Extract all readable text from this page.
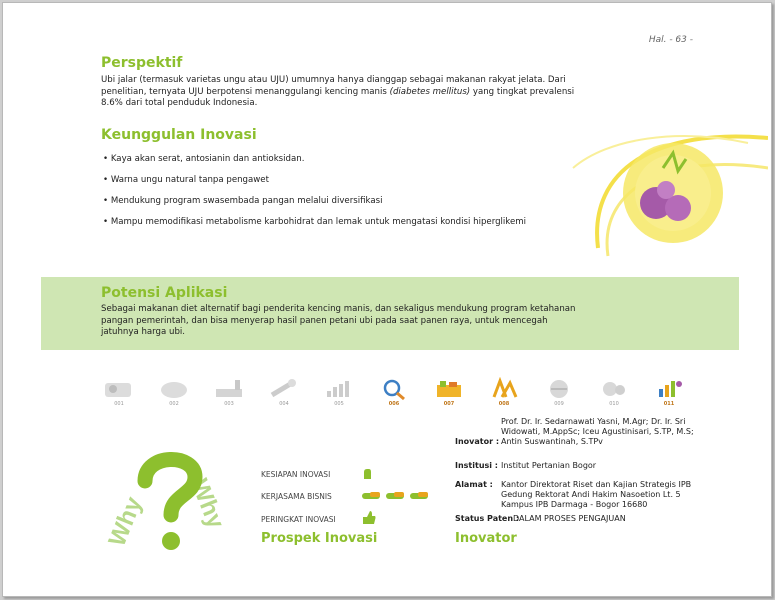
Hal. - 63 -
Perspektif

Ubi jalar (termasuk varietas ungu atau UJU) umumnya hanya dianggap sebagai makanan rakyat jelata. Dari penelitian, ternyata UJU berpotensi menanggulangi kencing manis (diabetes mellitus) yang tingkat prevalensi 8.6% dari total penduduk Indonesia.

Keunggulan Inovasi
• Kaya akan serat, antosianin dan antioksidan.
• Warna ungu natural tanpa pengawet
• Mendukung program swasembada pangan melalui diversifikasi
• Mampu memodifikasi metabolisme karbohidrat dan lemak untuk mengatasi kondisi hiperglikemi
Potensi Aplikasi

Sebagai makanan diet alternatif bagi penderita kencing manis, dan sekaligus mendukung program ketahanan pangan pemerintah, dan bisa menyerap hasil panen petani ubi pada saat panen raya, untuk mencegah jatuhnya harga ubi.

001	002	003	004	005	006	007	008	009	010	011
Why Why
KESIAPAN INOVASI
KERJASAMA BISNIS
PERINGKAT INOVASI
Prospek Inovasi
Inovator :
Prof. Dr. Ir. Sedarnawati Yasni, M.Agr; Dr. Ir. Sri Widowati, M.AppSc; Iceu Agustinisari, S.TP, M.S; Antin Suswantinah, S.TPv
Institusi : Institut Pertanian Bogor
Alamat : Kantor Direktorat Riset dan Kajian Strategis IPB Gedung Rektorat Andi Hakim Nasoetion Lt. 5 Kampus IPB Darmaga - Bogor 16680
Status Paten :
DALAM PROSES PENGAJUAN
Inovator
